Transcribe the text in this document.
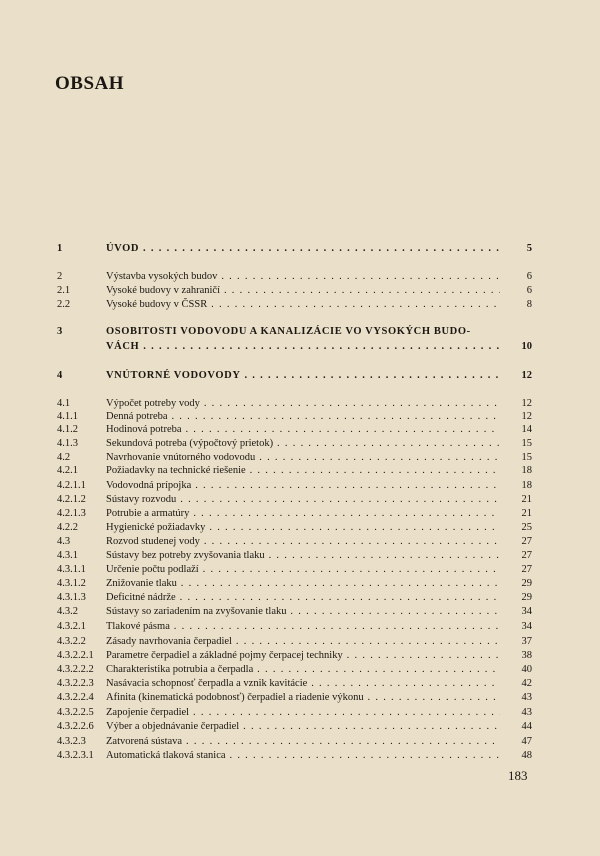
OBSAH
1	ÚVOD . . .	5
2	Výstavba vysokých budov . . .	6
2.1	Vysoké budovy v zahraničí . . .	6
2.2	Vysoké budovy v ČSSR . . .	8
3	OSOBITOSTI VODOVODU A KANALIZÁCIE VO VYSOKÝCH BUDO-
VÁCH . . .	10
4	VNÚTORNÉ VODOVODY . . .	12
4.1	Výpočet potreby vody . . .	12
4.1.1	Denná potreba . . .	12
4.1.2	Hodinová potreba . . .	14
4.1.3	Sekundová potreba (výpočtový prietok) . . .	15
4.2	Navrhovanie vnútorného vodovodu . . .	15
4.2.1	Požiadavky na technické riešenie . . .	18
4.2.1.1 Vodovodná prípojka . . .	18
4.2.1.2 Sústavy rozvodu . . .	21
4.2.1.3 Potrubie a armatúry . . .	21
4.2.2	Hygienické požiadavky . . .	25
4.3	Rozvod studenej vody . . .	27
4.3.1	Sústavy bez potreby zvyšovania tlaku . . .	27
4.3.1.1 Určenie počtu podlaží . . .	27
4.3.1.2 Znižovanie tlaku . . .	29
4.3.1.3 Deficitné nádrže . . .	29
4.3.2	Sústavy so zariadením na zvyšovanie tlaku . . .	34
4.3.2.1 Tlakové pásma . . .	34
4.3.2.2 Zásady navrhovania čerpadiel . . .	37
4.3.2.2.1 Parametre čerpadiel a základné pojmy čerpacej techniky . . .	38
4.3.2.2.2 Charakteristika potrubia a čerpadla . . .	40
4.3.2.2.3 Nasávacia schopnosť čerpadla a vznik kavitácie . . .	42
4.3.2.2.4 Afinita (kinematická podobnosť) čerpadiel a riadenie výkonu . . .	43
4.3.2.2.5 Zapojenie čerpadiel . . .	43
4.3.2.2.6 Výber a objednávanie čerpadiel . . .	44
4.3.2.3 Zatvorená sústava . . .	47
4.3.2.3.1 Automatická tlaková stanica . . .	48
183
